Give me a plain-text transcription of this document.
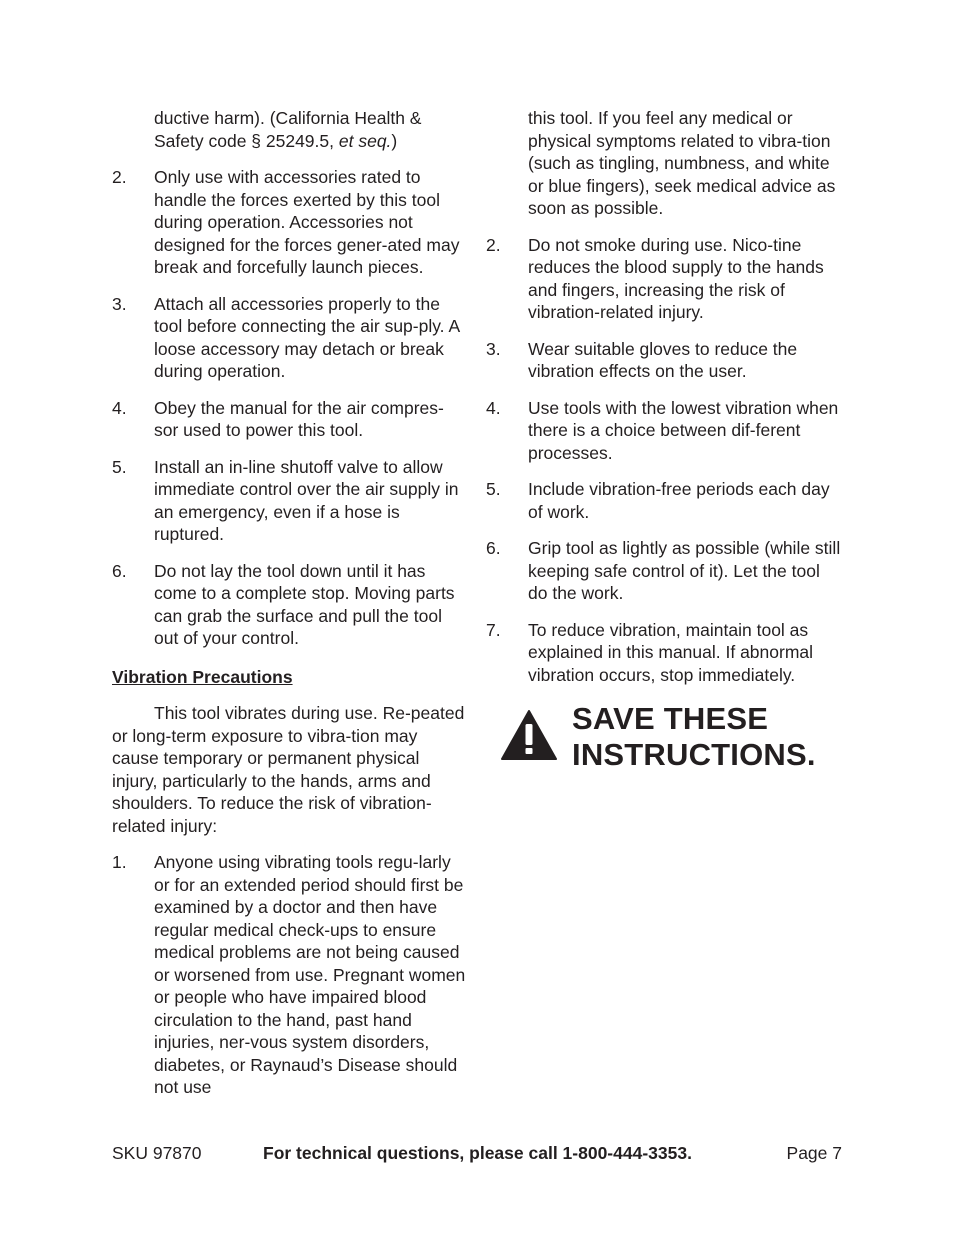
ductive harm). (California Health &
Safety code § 25249.5, et seq.)

2. Only use with accessories rated to handle the forces exerted by this tool during operation. Accessories not designed for the forces gener-ated may break and forcefully launch pieces.
3. Attach all accessories properly to the tool before connecting the air sup-ply. A loose accessory may detach or break during operation.
4. Obey the manual for the air compres-sor used to power this tool.
5. Install an in-line shutoff valve to allow immediate control over the air supply in an emergency, even if a hose is ruptured.
6. Do not lay the tool down until it has come to a complete stop. Moving parts can grab the surface and pull the tool out of your control.
Vibration Precautions

This tool vibrates during use. Re-peated or long-term exposure to vibra-tion may cause temporary or permanent physical injury, particularly to the hands, arms and shoulders. To reduce the risk of vibration-related injury:

1. Anyone using vibrating tools regu-larly or for an extended period should first be examined by a doctor and then have regular medical check-ups to ensure medical problems are not being caused or worsened from use. Pregnant women or people who have impaired blood circulation to the hand, past hand injuries, ner-vous system disorders, diabetes, or Raynaud’s Disease should not use

this tool. If you feel any medical or physical symptoms related to vibra-tion (such as tingling, numbness, and white or blue fingers), seek medical advice as soon as possible.

2. Do not smoke during use. Nico-tine reduces the blood supply to the hands and fingers, increasing the risk of vibration-related injury.
3. Wear suitable gloves to reduce the vibration effects on the user.
4. Use tools with the lowest vibration when there is a choice between dif-ferent processes.
5. Include vibration-free periods each day of work.
6. Grip tool as lightly as possible (while still keeping safe control of it). Let the tool do the work.
7. To reduce vibration, maintain tool as explained in this manual. If abnormal vibration occurs, stop immediately.
SAVE THESE
INSTRUCTIONS.
SKU 97870	For technical questions, please call 1-800-444-3353.	Page 7
